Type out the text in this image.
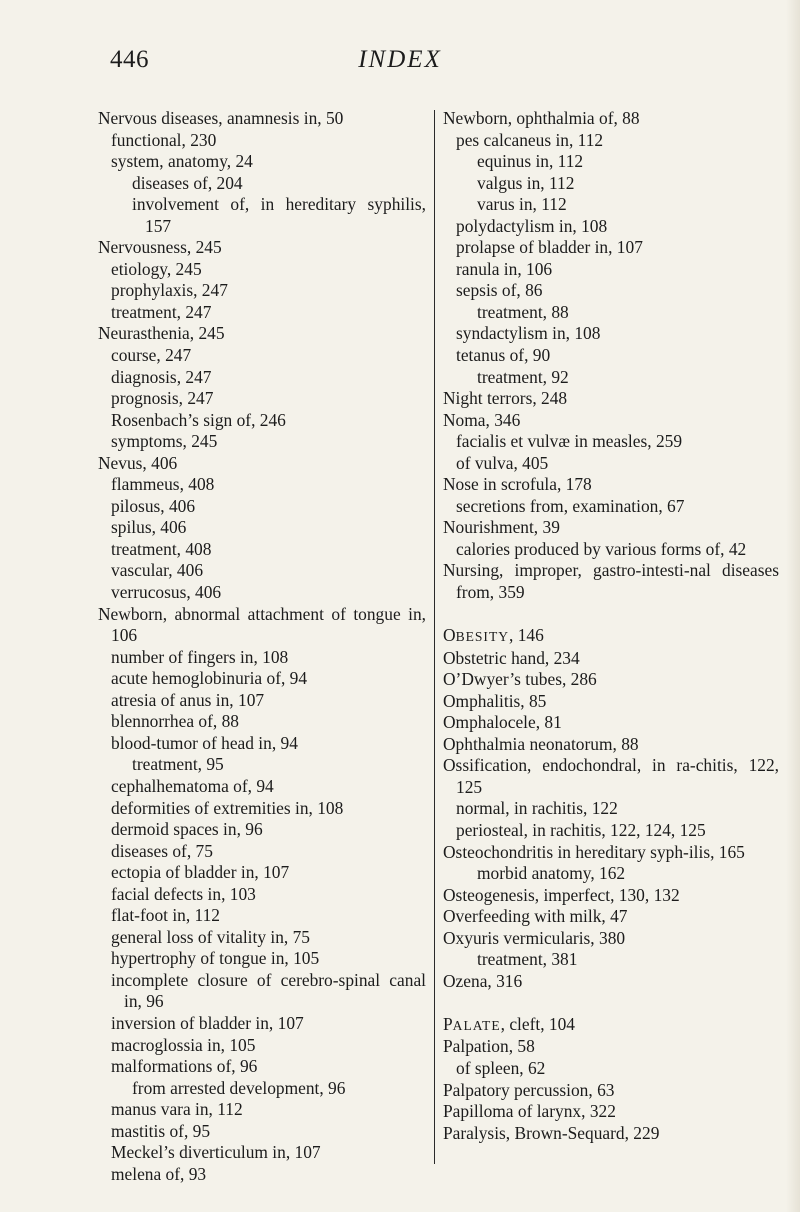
446	INDEX
Nervous diseases, anamnesis in, 50
functional, 230
system, anatomy, 24
diseases of, 204
involvement of, in hereditary syphilis, 157
Nervousness, 245
etiology, 245
prophylaxis, 247
treatment, 247
Neurasthenia, 245
course, 247
diagnosis, 247
prognosis, 247
Rosenbach’s sign of, 246
symptoms, 245
Nevus, 406
flammeus, 408
pilosus, 406
spilus, 406
treatment, 408
vascular, 406
verrucosus, 406
Newborn, abnormal attachment of tongue in, 106
number of fingers in, 108
acute hemoglobinuria of, 94
atresia of anus in, 107
blennorrhea of, 88
blood-tumor of head in, 94
treatment, 95
cephalhematoma of, 94
deformities of extremities in, 108
dermoid spaces in, 96
diseases of, 75
ectopia of bladder in, 107
facial defects in, 103
flat-foot in, 112
general loss of vitality in, 75
hypertrophy of tongue in, 105
incomplete closure of cerebro-spinal canal in, 96
inversion of bladder in, 107
macroglossia in, 105
malformations of, 96
from arrested development, 96
manus vara in, 112
mastitis of, 95
Meckel’s diverticulum in, 107
melena of, 93
Newborn, ophthalmia of, 88
pes calcaneus in, 112
equinus in, 112
valgus in, 112
varus in, 112
polydactylism in, 108
prolapse of bladder in, 107
ranula in, 106
sepsis of, 86
treatment, 88
syndactylism in, 108
tetanus of, 90
treatment, 92
Night terrors, 248
Noma, 346
facialis et vulvæ in measles, 259
of vulva, 405
Nose in scrofula, 178
secretions from, examination, 67
Nourishment, 39
calories produced by various forms of, 42
Nursing, improper, gastro-intesti-nal diseases from, 359
OBESITY, 146
Obstetric hand, 234
O’Dwyer’s tubes, 286
Omphalitis, 85
Omphalocele, 81
Ophthalmia neonatorum, 88
Ossification, endochondral, in ra-chitis, 122, 125
normal, in rachitis, 122
periosteal, in rachitis, 122, 124, 125
Osteochondritis in hereditary syph-ilis, 165
morbid anatomy, 162
Osteogenesis, imperfect, 130, 132
Overfeeding with milk, 47
Oxyuris vermicularis, 380
treatment, 381
Ozena, 316
PALATE, cleft, 104
Palpation, 58
of spleen, 62
Palpatory percussion, 63
Papilloma of larynx, 322
Paralysis, Brown-Sequard, 229
